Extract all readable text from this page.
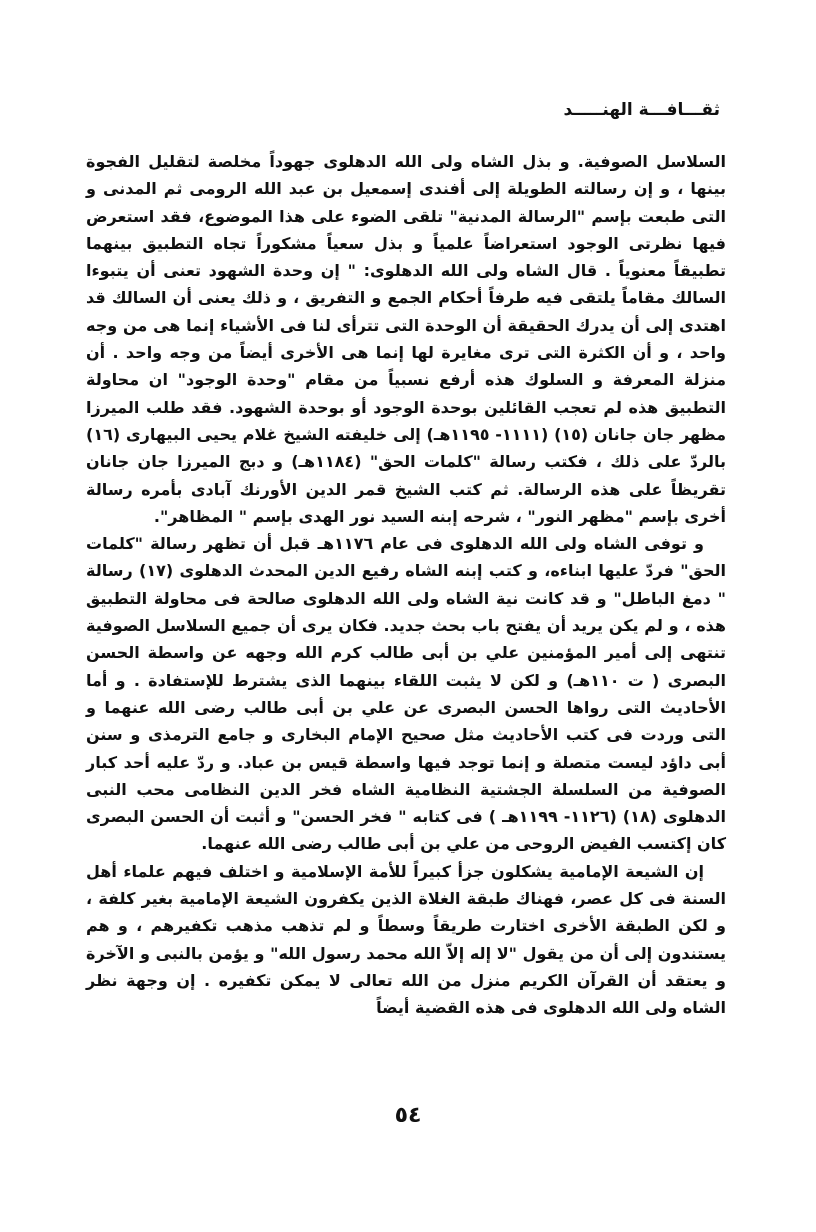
ثقـــافـــة الهنـــــد

السلاسل الصوفية. و بذل الشاه ولى الله الدهلوى جهوداً مخلصة لتقليل الفجوة بينها ، و إن رسالته الطويلة إلى أفندى إسمعيل بن عبد الله الرومى ثم المدنى و التى طبعت بإسم "الرسالة المدنية" تلقى الضوء على هذا الموضوع، فقد استعرض فيها نظرتى الوجود استعراضاً علمياً و بذل سعياً مشكوراً تجاه التطبيق بينهما تطبيقاً معنوياً . قال الشاه ولى الله الدهلوى: " إن وحدة الشهود تعنى أن يتبوءا السالك مقاماً يلتقى فيه طرفاً أحكام الجمع و التفريق ، و ذلك يعنى أن السالك قد اهتدى إلى أن يدرك الحقيقة أن الوحدة التى تترأى لنا فى الأشياء إنما هى من وجه واحد ، و أن الكثرة التى ترى مغايرة لها إنما هى الأخرى أيضاً من وجه واحد . أن منزلة المعرفة و السلوك هذه أرفع نسبياً من مقام "وحدة الوجود" ان محاولة التطبيق هذه لم تعجب القائلين بوحدة الوجود أو بوحدة الشهود. فقد طلب الميرزا مظهر جان جانان (١٥) (١١١١- ١١٩٥هـ) إلى خليفته الشيخ غلام يحيى البيهارى (١٦) بالردّ على ذلك ، فكتب رسالة "كلمات الحق" (١١٨٤هـ) و دبج الميرزا جان جانان تقريظاً على هذه الرسالة. ثم كتب الشيخ قمر الدين الأورنك آبادى بأمره رسالة أخرى بإسم "مظهر النور" ، شرحه إبنه السيد نور الهدى بإسم " المظاهر".

و توفى الشاه ولى الله الدهلوى فى عام ١١٧٦هـ قبل أن تظهر رسالة "كلمات الحق" فردّ عليها ابناءه، و كتب إبنه الشاه رفيع الدين المحدث الدهلوى (١٧) رسالة " دمغ الباطل" و قد كانت نية الشاه ولى الله الدهلوى صالحة فى محاولة التطبيق هذه ، و لم يكن يريد أن يفتح باب بحث جديد. فكان يرى أن جميع السلاسل الصوفية تنتهى إلى أمير المؤمنين علي بن أبى طالب كرم الله وجهه عن واسطة الحسن البصرى ( ت ١١٠هـ) و لكن لا يثبت اللقاء بينهما الذى يشترط للإستفادة . و أما الأحاديث التى رواها الحسن البصرى عن علي بن أبى طالب رضى الله عنهما و التى وردت فى كتب الأحاديث مثل صحيح الإمام البخارى و جامع الترمذى و سنن أبى داؤد ليست متصلة و إنما توجد فيها واسطة قيس بن عباد. و ردّ عليه أحد كبار الصوفية من السلسلة الجشتية النظامية الشاه فخر الدين النظامى محب النبى الدهلوى (١٨) (١١٢٦- ١١٩٩هـ ) فى كتابه " فخر الحسن" و أثبت أن الحسن البصرى كان إكتسب الفيض الروحى من علي بن أبى طالب رضى الله عنهما.

إن الشيعة الإمامية يشكلون جزأ كبيراً للأمة الإسلامية و اختلف فيهم علماء أهل السنة فى كل عصر، فهناك طبقة الغلاة الذين يكفرون الشيعة الإمامية بغير كلفة ، و لكن الطبقة الأخرى اختارت طريقاً وسطاً و لم تذهب مذهب تكفيرهم ، و هم يستندون إلى أن من يقول "لا إله إلاّ الله محمد رسول الله" و يؤمن بالنبى و الآخرة و يعتقد أن القرآن الكريم منزل من الله تعالى لا يمكن تكفيره . إن وجهة نظر الشاه ولى الله الدهلوى فى هذه القضية أيضاً

٥٤
